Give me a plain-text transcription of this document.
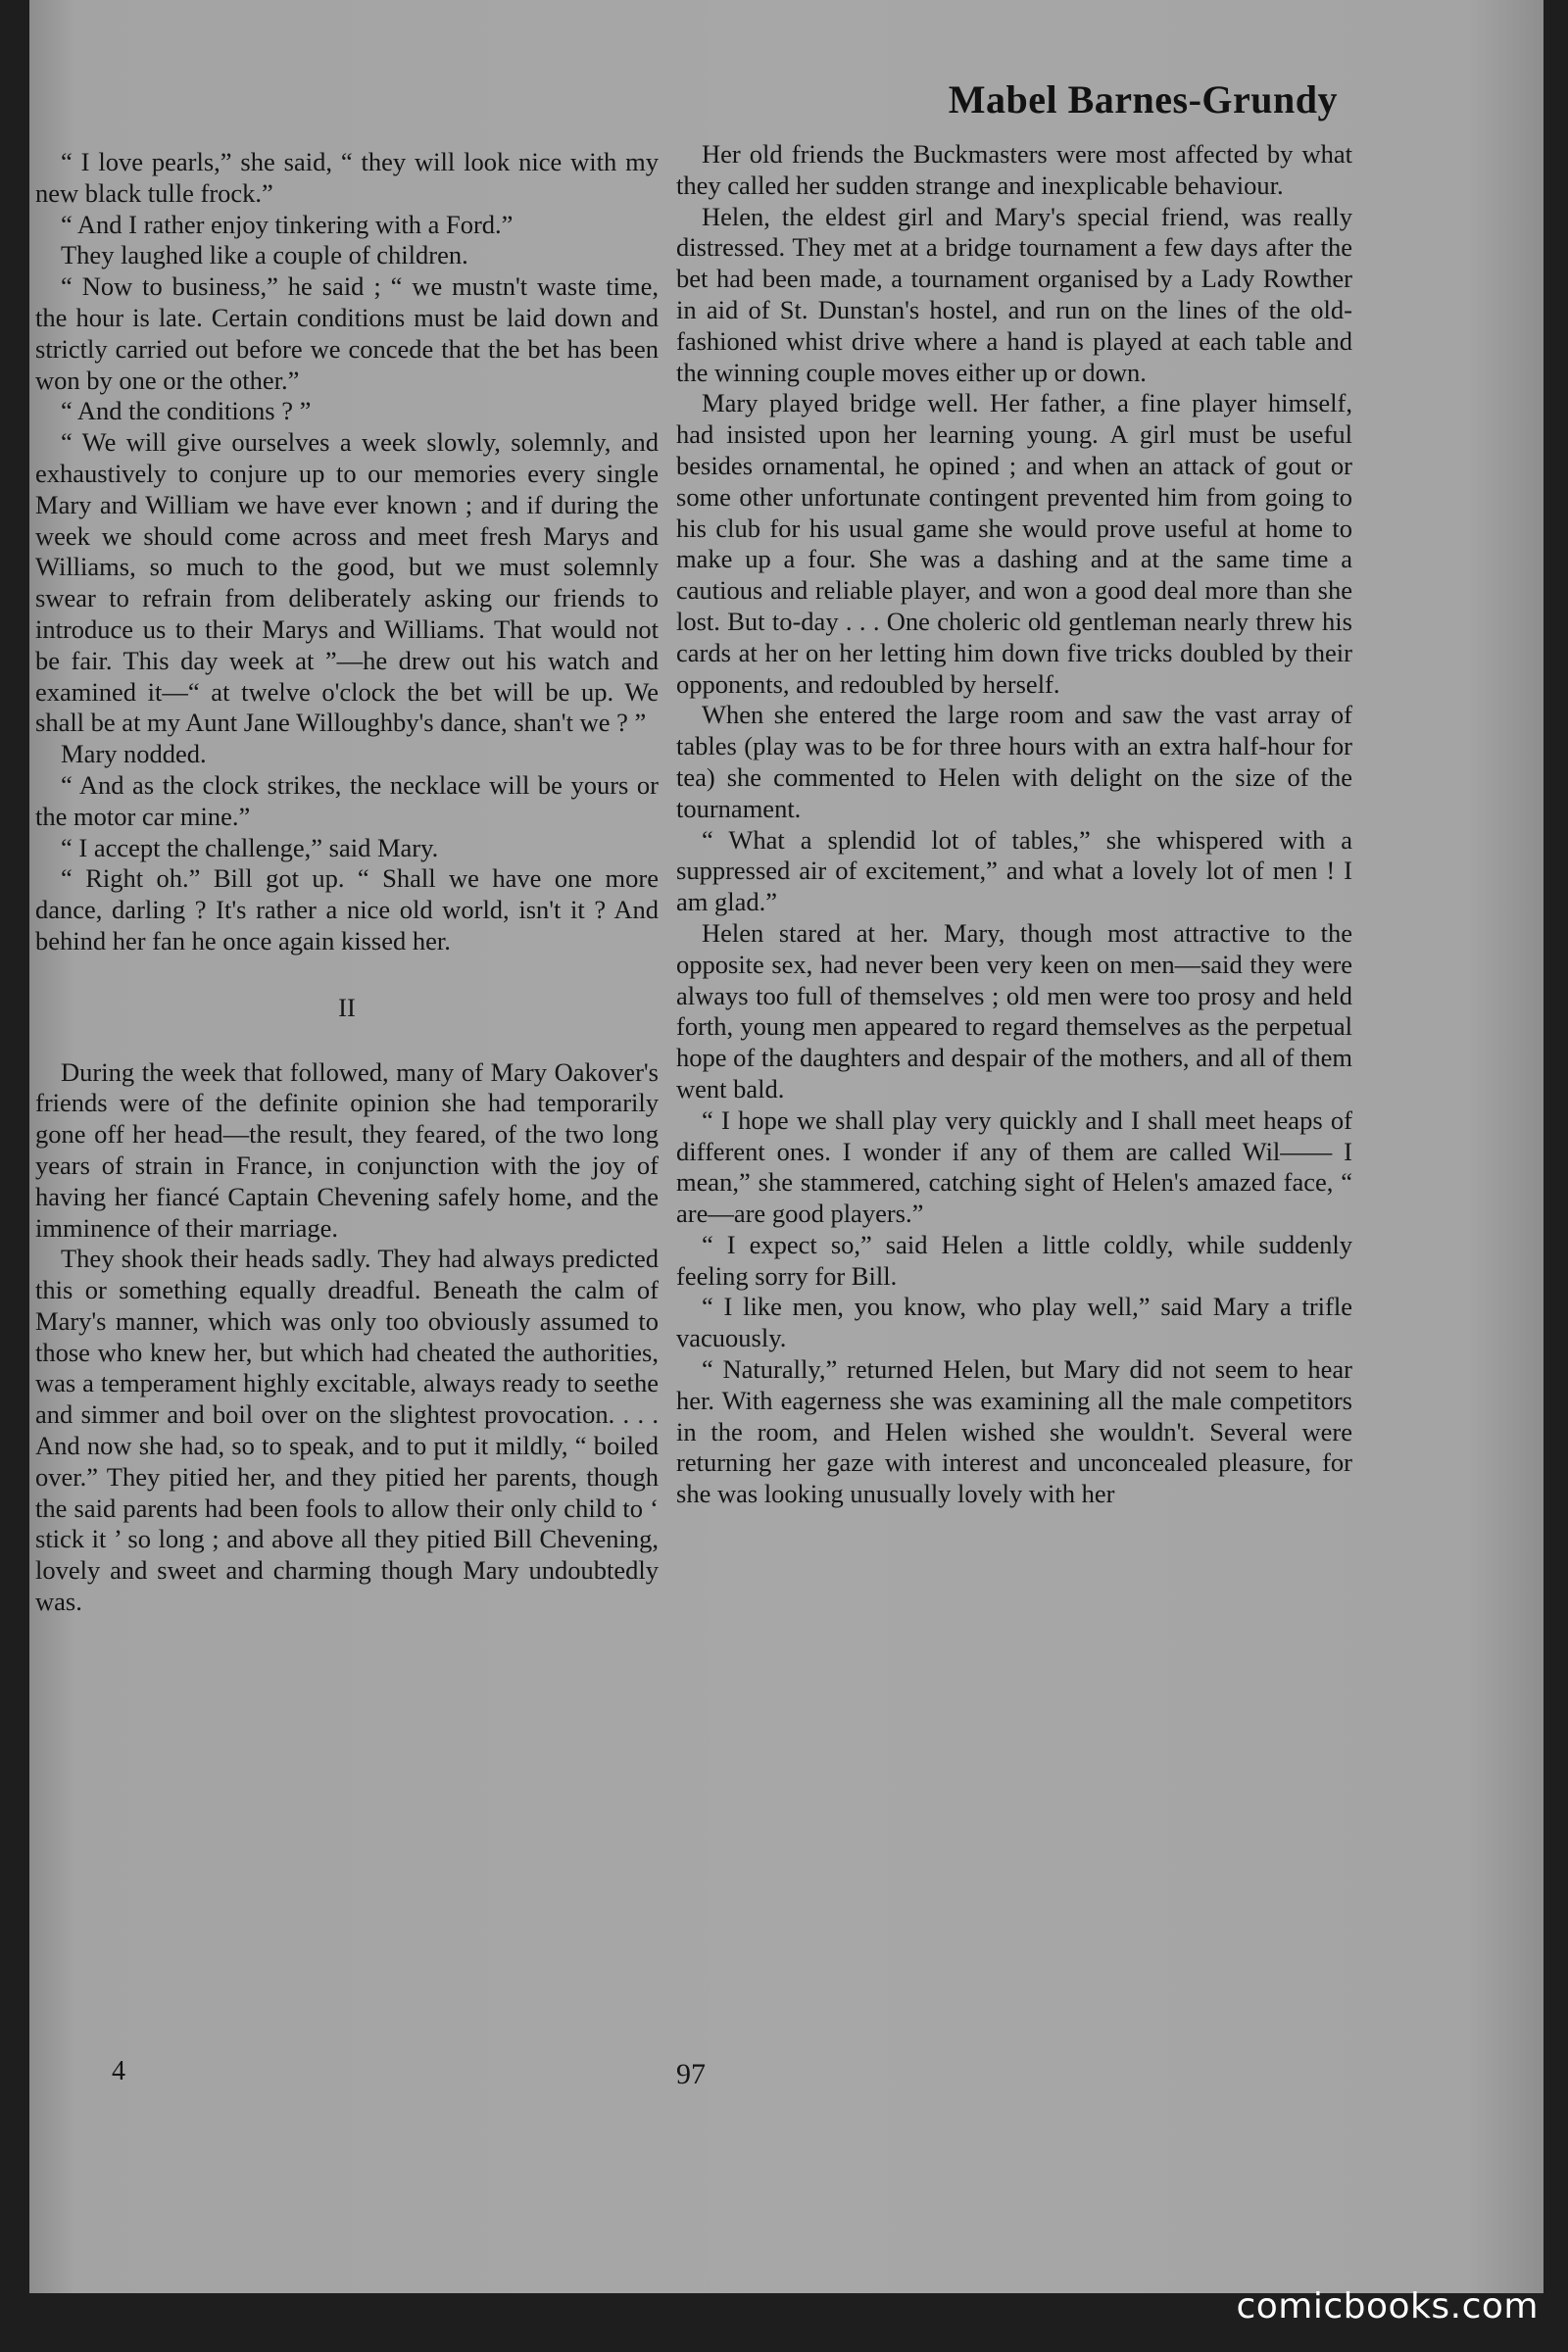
Mabel Barnes-Grundy

“ I love pearls,” she said, “ they will look nice with my new black tulle frock.”

“ And I rather enjoy tinkering with a Ford.”

They laughed like a couple of children.

“ Now to business,” he said ; “ we mustn't waste time, the hour is late. Certain conditions must be laid down and strictly carried out before we concede that the bet has been won by one or the other.”

“ And the conditions ? ”

“ We will give ourselves a week slowly, solemnly, and exhaustively to conjure up to our memories every single Mary and William we have ever known ; and if during the week we should come across and meet fresh Marys and Williams, so much to the good, but we must solemnly swear to refrain from deliberately asking our friends to introduce us to their Marys and Williams. That would not be fair. This day week at ”—he drew out his watch and examined it—“ at twelve o'clock the bet will be up. We shall be at my Aunt Jane Willoughby's dance, shan't we ? ”

Mary nodded.

“ And as the clock strikes, the necklace will be yours or the motor car mine.”

“ I accept the challenge,” said Mary.

“ Right oh.” Bill got up. “ Shall we have one more dance, darling ? It's rather a nice old world, isn't it ? And behind her fan he once again kissed her.

II

During the week that followed, many of Mary Oakover's friends were of the definite opinion she had temporarily gone off her head—the result, they feared, of the two long years of strain in France, in conjunction with the joy of having her fiancé Captain Chevening safely home, and the imminence of their marriage.

They shook their heads sadly. They had always predicted this or something equally dreadful. Beneath the calm of Mary's manner, which was only too obviously assumed to those who knew her, but which had cheated the authorities, was a temperament highly excitable, always ready to seethe and simmer and boil over on the slightest provocation. . . . And now she had, so to speak, and to put it mildly, “ boiled over.” They pitied her, and they pitied her parents, though the said parents had been fools to allow their only child to ‘ stick it ’ so long ; and above all they pitied Bill Chevening, lovely and sweet and charming though Mary undoubtedly was.

Her old friends the Buckmasters were most affected by what they called her sudden strange and inexplicable behaviour.

Helen, the eldest girl and Mary's special friend, was really distressed. They met at a bridge tournament a few days after the bet had been made, a tournament organised by a Lady Rowther in aid of St. Dunstan's hostel, and run on the lines of the old-fashioned whist drive where a hand is played at each table and the winning couple moves either up or down.

Mary played bridge well. Her father, a fine player himself, had insisted upon her learning young. A girl must be useful besides ornamental, he opined ; and when an attack of gout or some other unfortunate contingent prevented him from going to his club for his usual game she would prove useful at home to make up a four. She was a dashing and at the same time a cautious and reliable player, and won a good deal more than she lost. But to-day . . . One choleric old gentleman nearly threw his cards at her on her letting him down five tricks doubled by their opponents, and redoubled by herself.

When she entered the large room and saw the vast array of tables (play was to be for three hours with an extra half-hour for tea) she commented to Helen with delight on the size of the tournament.

“ What a splendid lot of tables,” she whispered with a suppressed air of excitement,” and what a lovely lot of men ! I am glad.”

Helen stared at her. Mary, though most attractive to the opposite sex, had never been very keen on men—said they were always too full of themselves ; old men were too prosy and held forth, young men appeared to regard themselves as the perpetual hope of the daughters and despair of the mothers, and all of them went bald.

“ I hope we shall play very quickly and I shall meet heaps of different ones. I wonder if any of them are called Wil—— I mean,” she stammered, catching sight of Helen's amazed face, “ are—are good players.”

“ I expect so,” said Helen a little coldly, while suddenly feeling sorry for Bill.

“ I like men, you know, who play well,” said Mary a trifle vacuously.

“ Naturally,” returned Helen, but Mary did not seem to hear her. With eagerness she was examining all the male competitors in the room, and Helen wished she wouldn't. Several were returning her gaze with interest and unconcealed pleasure, for she was looking unusually lovely with her

4	97
comicbooks.com
